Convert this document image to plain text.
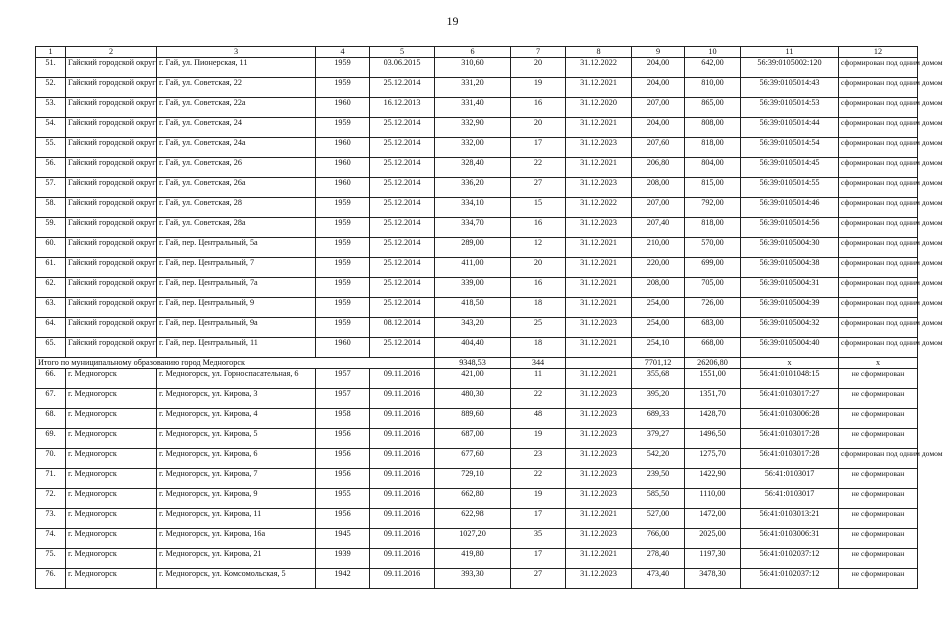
19
1	2	3	4	5	6	7	8	9	10	11	12
51.	Гайский городской округ	г. Гай, ул. Пионерская, 11	1959	03.06.2015	310,60	20	31.12.2022	204,00	642,00	56:39:0105002:120	сформирован под одним домом
52.	Гайский городской округ	г. Гай, ул. Советская, 22	1959	25.12.2014	331,20	19	31.12.2021	204,00	810,00	56:39:0105014:43	сформирован под одним домом
53.	Гайский городской округ	г. Гай, ул. Советская, 22а	1960	16.12.2013	331,40	16	31.12.2020	207,00	865,00	56:39:0105014:53	сформирован под одним домом
54.	Гайский городской округ	г. Гай, ул. Советская, 24	1959	25.12.2014	332,90	20	31.12.2021	204,00	808,00	56:39:0105014:44	сформирован под одним домом
55.	Гайский городской округ	г. Гай, ул. Советская, 24а	1960	25.12.2014	332,00	17	31.12.2023	207,60	818,00	56:39:0105014:54	сформирован под одним домом
56.	Гайский городской округ	г. Гай, ул. Советская, 26	1960	25.12.2014	328,40	22	31.12.2021	206,80	804,00	56:39:0105014:45	сформирован под одним домом
57.	Гайский городской округ	г. Гай, ул. Советская, 26а	1960	25.12.2014	336,20	27	31.12.2023	208,00	815,00	56:39:0105014:55	сформирован под одним домом
58.	Гайский городской округ	г. Гай, ул. Советская, 28	1959	25.12.2014	334,10	15	31.12.2022	207,00	792,00	56:39:0105014:46	сформирован под одним домом
59.	Гайский городской округ	г. Гай, ул. Советская, 28а	1959	25.12.2014	334,70	16	31.12.2023	207,40	818,00	56:39:0105014:56	сформирован под одним домом
60.	Гайский городской округ	г. Гай, пер. Центральный, 5а	1959	25.12.2014	289,00	12	31.12.2021	210,00	570,00	56:39:0105004:30	сформирован под одним домом
61.	Гайский городской округ	г. Гай, пер. Центральный, 7	1959	25.12.2014	411,00	20	31.12.2021	220,00	699,00	56:39:0105004:38	сформирован под одним домом
62.	Гайский городской округ	г. Гай, пер. Центральный, 7а	1959	25.12.2014	339,00	16	31.12.2021	208,00	705,00	56:39:0105004:31	сформирован под одним домом
63.	Гайский городской округ	г. Гай, пер. Центральный, 9	1959	25.12.2014	418,50	18	31.12.2021	254,00	726,00	56:39:0105004:39	сформирован под одним домом
64.	Гайский городской округ	г. Гай, пер. Центральный, 9а	1959	08.12.2014	343,20	25	31.12.2023	254,00	683,00	56:39:0105004:32	сформирован под одним домом
65.	Гайский городской округ	г. Гай, пер. Центральный, 11	1960	25.12.2014	404,40	18	31.12.2021	254,10	668,00	56:39:0105004:40	сформирован под одним домом
Итого по муниципальному образованию город Медногорск					9348,53	344		7701,12	26206,80	x	x
66.	г. Медногорск	г. Медногорск, ул. Горноспасательная, 6	1957	09.11.2016	421,00	11	31.12.2021	355,68	1551,00	56:41:0101048:15	не сформирован
67.	г. Медногорск	г. Медногорск, ул. Кирова, 3	1957	09.11.2016	480,30	22	31.12.2023	395,20	1351,70	56:41:0103017:27	не сформирован
68.	г. Медногорск	г. Медногорск, ул. Кирова, 4	1958	09.11.2016	889,60	48	31.12.2023	689,33	1428,70	56:41:0103006:28	не сформирован
69.	г. Медногорск	г. Медногорск, ул. Кирова, 5	1956	09.11.2016	687,00	19	31.12.2023	379,27	1496,50	56:41:0103017:28	не сформирован
70.	г. Медногорск	г. Медногорск, ул. Кирова, 6	1956	09.11.2016	677,60	23	31.12.2023	542,20	1275,70	56:41:0103017:28	сформирован под одним домом
71.	г. Медногорск	г. Медногорск, ул. Кирова, 7	1956	09.11.2016	729,10	22	31.12.2023	239,50	1422,90	56:41:0103017	не сформирован
72.	г. Медногорск	г. Медногорск, ул. Кирова, 9	1955	09.11.2016	662,80	19	31.12.2023	585,50	1110,00	56:41:0103017	не сформирован
73.	г. Медногорск	г. Медногорск, ул. Кирова, 11	1956	09.11.2016	622,98	17	31.12.2021	527,00	1472,00	56:41:0103013:21	не сформирован
74.	г. Медногорск	г. Медногорск, ул. Кирова, 16а	1945	09.11.2016	1027,20	35	31.12.2023	766,00	2025,00	56:41:0103006:31	не сформирован
75.	г. Медногорск	г. Медногорск, ул. Кирова, 21	1939	09.11.2016	419,80	17	31.12.2021	278,40	1197,30	56:41:0102037:12	не сформирован
76.	г. Медногорск	г. Медногорск, ул. Комсомольская, 5	1942	09.11.2016	393,30	27	31.12.2023	473,40	3478,30	56:41:0102037:12	не сформирован
